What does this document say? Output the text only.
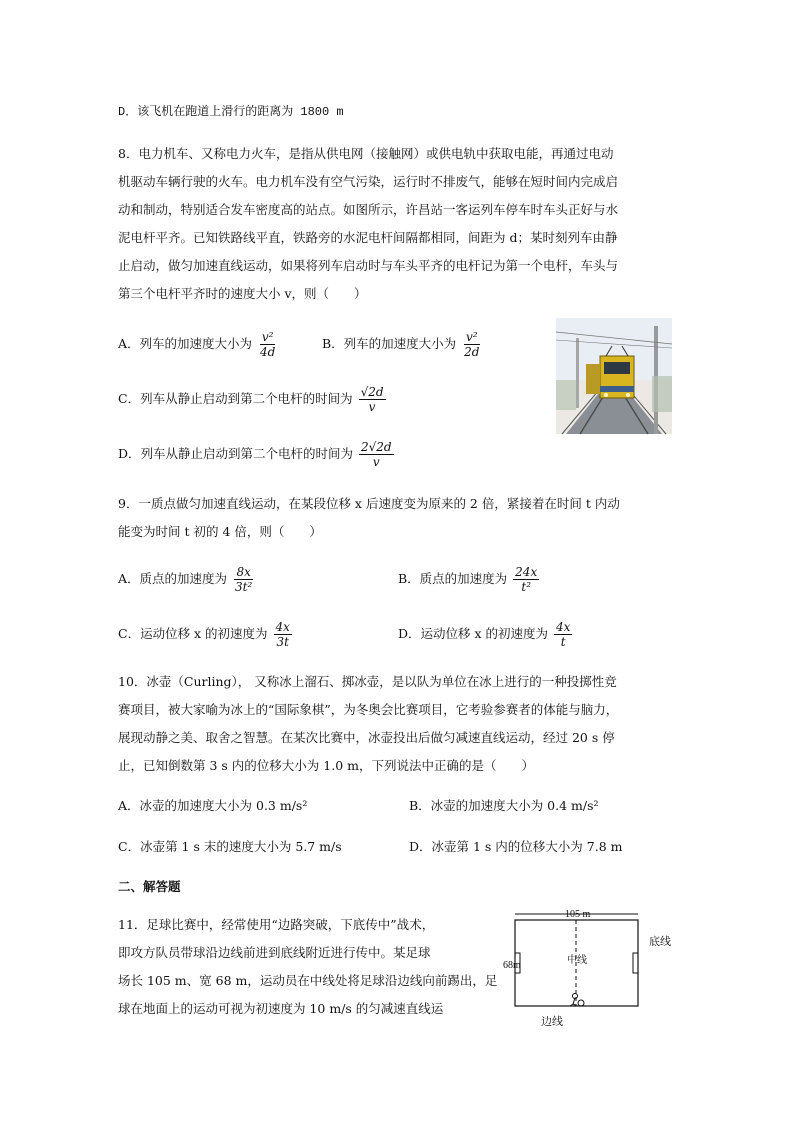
D．该飞机在跑道上滑行的距离为 1800 m
8．电力机车、又称电力火车，是指从供电网（接触网）或供电轨中获取电能，再通过电动
机驱动车辆行驶的火车。电力机车没有空气污染，运行时不排废气，能够在短时间内完成启
动和制动，特别适合发车密度高的站点。如图所示，许昌站一客运列车停车时车头正好与水
泥电杆平齐。已知铁路线平直，铁路旁的水泥电杆间隔都相同，间距为 d；某时刻列车由静
止启动，做匀加速直线运动，如果将列车启动时与车头平齐的电杆记为第一个电杆，车头与
第三个电杆平齐时的速度大小 v，则（　　）
A．列车的加速度大小为 $\frac{\text{v²}}{4d}$	B．列车的加速度大小为 $\frac{\text{v²}}{2d}$
C．列车从静止启动到第二个电杆的时间为 $\frac{√2d}{v}$
D．列车从静止启动到第二个电杆的时间为 $\frac{2√2d}{v}$
9．一质点做匀加速直线运动，在某段位移 x 后速度变为原来的 2 倍，紧接着在时间 t 内动
能变为时间 t 初的 4 倍，则（　　）
A．质点的加速度为 $\frac{8x}{\text{3t²}}$	B．质点的加速度为 $\frac{24x}{\text{t²}}$
C．运动位移 x 的初速度为 $\frac{4x}{3t}$	D．运动位移 x 的初速度为 $\frac{4x}{t}$
10．冰壶（Curling）， 又称冰上溜石、掷冰壶，是以队为单位在冰上进行的一种投掷性竞
赛项目，被大家喻为冰上的“国际象棋”，为冬奥会比赛项目，它考验参赛者的体能与脑力，
展现动静之美、取舍之智慧。在某次比赛中，冰壶投出后做匀减速直线运动，经过 20 s 停
止，已知倒数第 3 s 内的位移大小为 1.0 m，下列说法中正确的是（　　）
A．冰壶的加速度大小为 0.3 m/s²	B．冰壶的加速度大小为 0.4 m/s²
C．冰壶第 1 s 末的速度大小为 5.7 m/s	D．冰壶第 1 s 内的位移大小为 7.8 m
二、解答题
11．足球比赛中，经常使用“边路突破，下底传中”战术，
即攻方队员带球沿边线前进到底线附近进行传中。某足球
场长 105 m、宽 68 m，运动员在中线处将足球沿边线向前踢出，足
球在地面上的运动可视为初速度为 10 m/s 的匀减速直线运
105 m
68m	中线
底线
边线
